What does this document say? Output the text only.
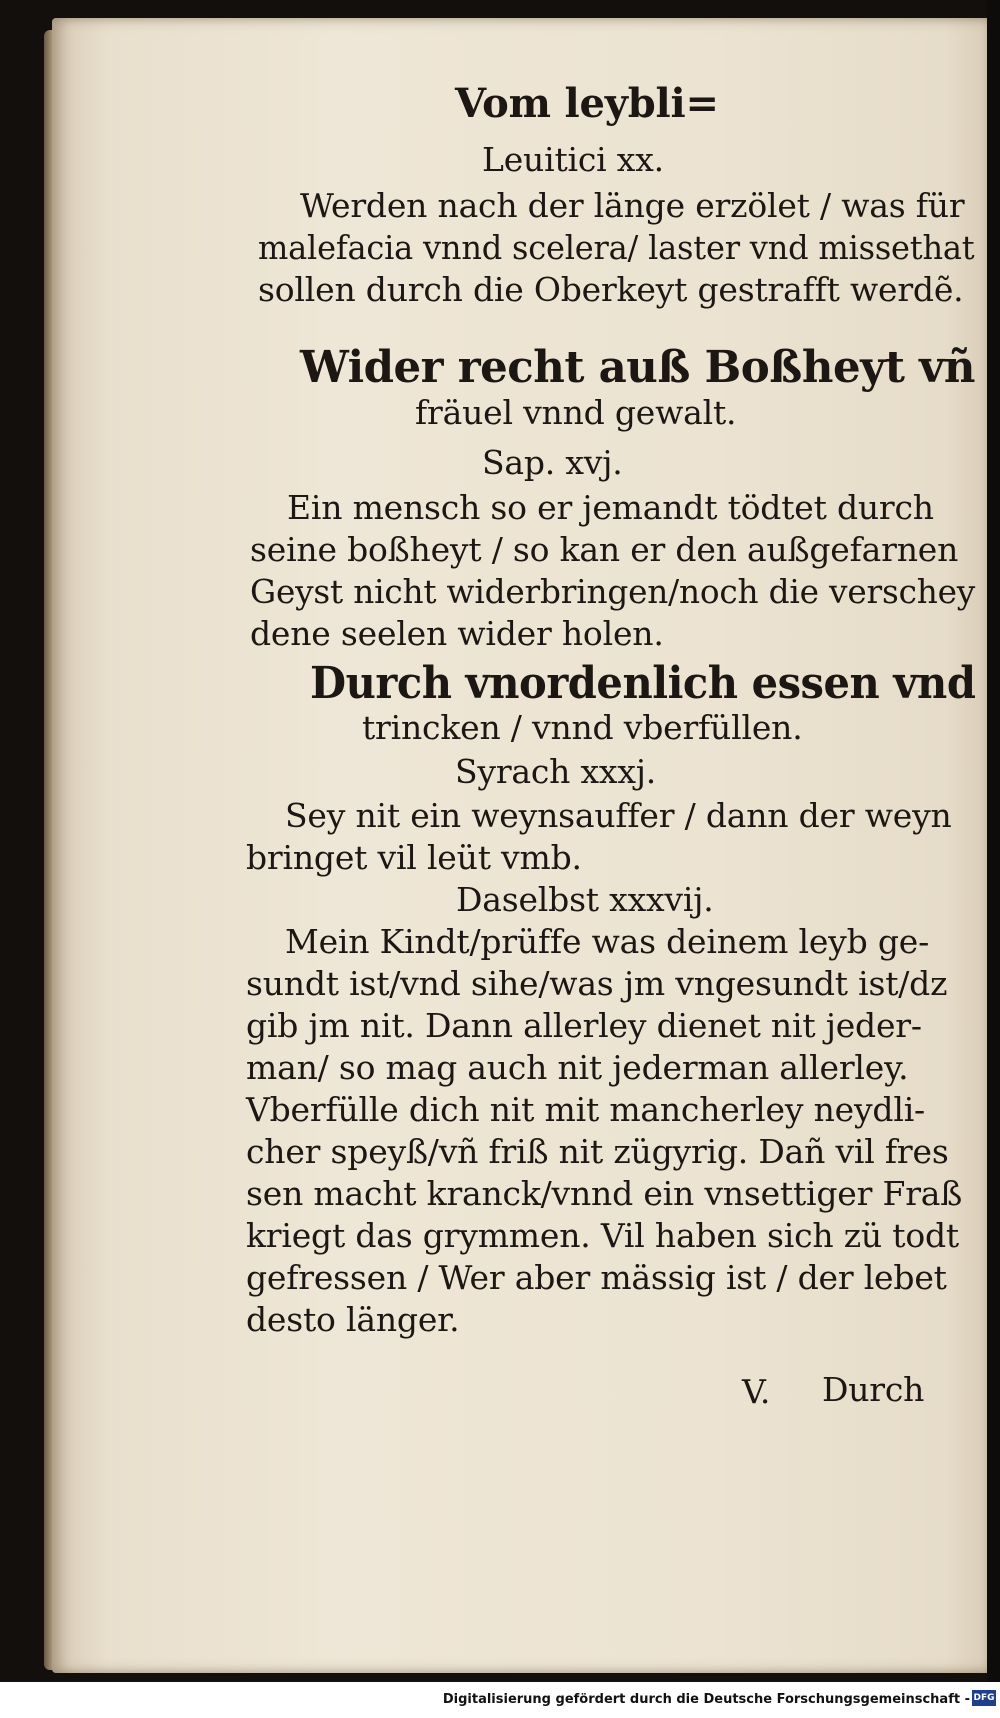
Vom leybli=
Leuitici xx.
Werden nach der länge erzölet / was für
malefacia vnnd scelera/ laster vnd missethat
sollen durch die Oberkeyt gestrafft werdẽ.
Wider recht auß Boßheyt vñ
fräuel vnnd gewalt.
Sap. xvj.
Ein mensch so er jemandt tödtet durch
seine boßheyt / so kan er den außgefarnen
Geyst nicht widerbringen/noch die verschey
dene seelen wider holen.
Durch vnordenlich essen vnd
trincken / vnnd vberfüllen.
Syrach xxxj.
Sey nit ein weynsauffer / dann der weyn
bringet vil leüt vmb.
Daselbst xxxvij.
Mein Kindt/prüffe was deinem leyb ge-
sundt ist/vnd sihe/was jm vngesundt ist/dz
gib jm nit. Dann allerley dienet nit jeder-
man/ so mag auch nit jederman allerley.
Vberfülle dich nit mit mancherley neydli-
cher speyß/vñ friß nit zügyrig. Dañ vil fres
sen macht kranck/vnnd ein vnsettiger Fraß
kriegt das grymmen. Vil haben sich zü todt
gefressen / Wer aber mässig ist / der lebet
desto länger.
V. Durch
Digitalisierung gefördert durch die Deutsche Forschungsgemeinschaft - DFG
